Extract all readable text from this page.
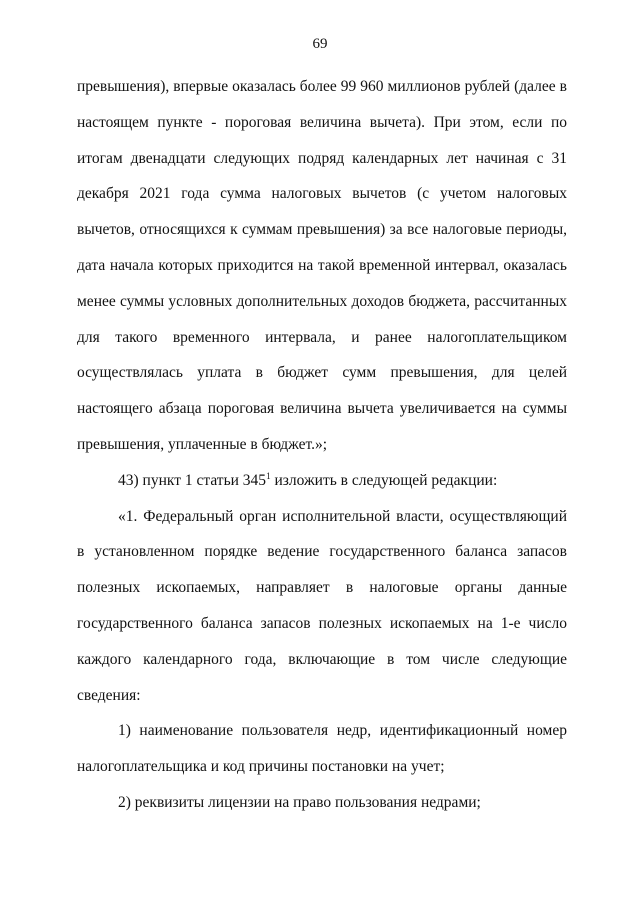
69

превышения), впервые оказалась более 99 960 миллионов рублей (далее в настоящем пункте - пороговая величина вычета). При этом, если по итогам двенадцати следующих подряд календарных лет начиная с 31 декабря 2021 года сумма налоговых вычетов (с учетом налоговых вычетов, относящихся к суммам превышения) за все налоговые периоды, дата начала которых приходится на такой временной интервал, оказалась менее суммы условных дополнительных доходов бюджета, рассчитанных для такого временного интервала, и ранее налогоплательщиком осуществлялась уплата в бюджет сумм превышения, для целей настоящего абзаца пороговая величина вычета увеличивается на суммы превышения, уплаченные в бюджет.»;

43) пункт 1 статьи $345^1$ изложить в следующей редакции:

«1. Федеральный орган исполнительной власти, осуществляющий в установленном порядке ведение государственного баланса запасов полезных ископаемых, направляет в налоговые органы данные государственного баланса запасов полезных ископаемых на 1-е число каждого календарного года, включающие в том числе следующие сведения:

1) наименование пользователя недр, идентификационный номер налогоплательщика и код причины постановки на учет;

2) реквизиты лицензии на право пользования недрами;
